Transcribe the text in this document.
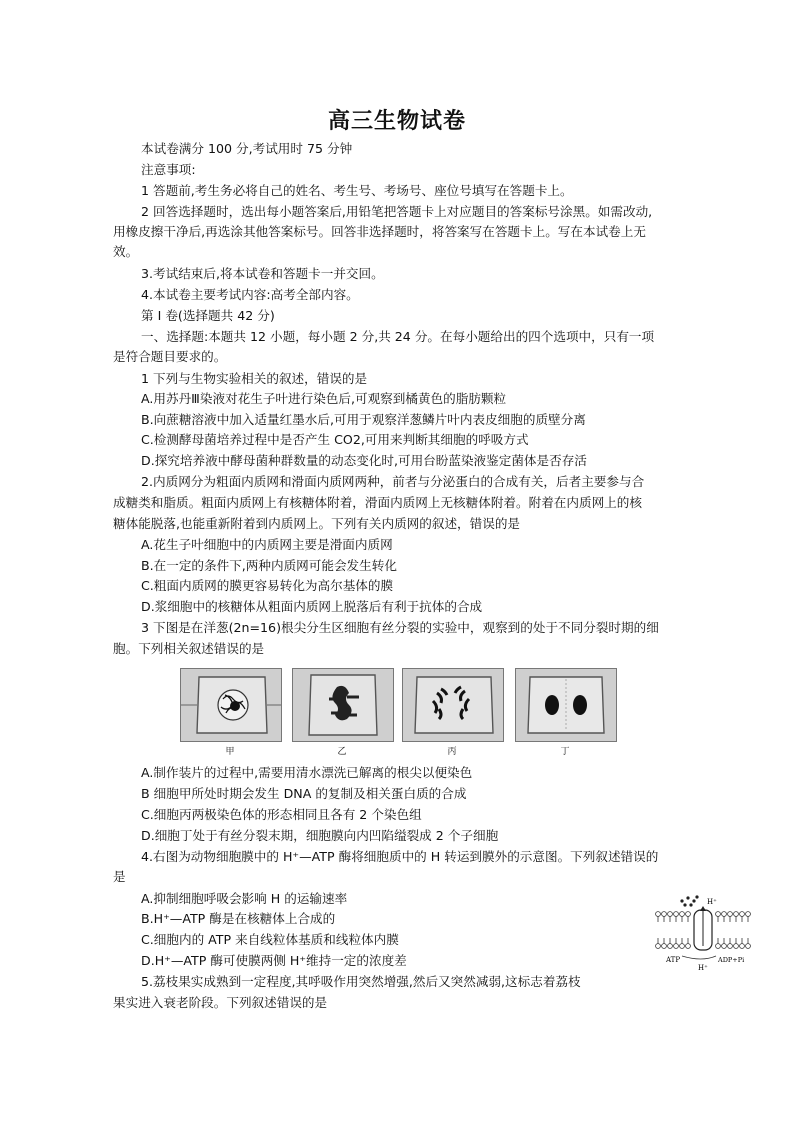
高三生物试卷
本试卷满分 100 分,考试用时 75 分钟
注意事项:
1 答题前,考生务必将自己的姓名、考生号、考场号、座位号填写在答题卡上。
2 回答选择题时，选出每小题答案后,用铅笔把答题卡上对应题目的答案标号涂黑。如需改动,
用橡皮擦干净后,再选涂其他答案标号。回答非选择题时，将答案写在答题卡上。写在本试卷上无
效。
3.考试结束后,将本试卷和答题卡一并交回。
4.本试卷主要考试内容:高考全部内容。
第 I 卷(选择题共 42 分)
一、选择题:本题共 12 小题，每小题 2 分,共 24 分。在每小题给出的四个选项中，只有一项
是符合题目要求的。
1 下列与生物实验相关的叙述，错误的是
A.用苏丹Ⅲ染液对花生子叶进行染色后,可观察到橘黄色的脂肪颗粒
B.向蔗糖溶液中加入适量红墨水后,可用于观察洋葱鳞片叶内表皮细胞的质壁分离
C.检测酵母菌培养过程中是否产生 CO2,可用来判断其细胞的呼吸方式
D.探究培养液中酵母菌种群数量的动态变化时,可用台盼蓝染液鉴定菌体是否存活
2.内质网分为粗面内质网和滑面内质网两种，前者与分泌蛋白的合成有关，后者主要参与合
成糖类和脂质。粗面内质网上有核糖体附着，滑面内质网上无核糖体附着。附着在内质网上的核
糖体能脱落,也能重新附着到内质网上。下列有关内质网的叙述，错误的是
A.花生子叶细胞中的内质网主要是滑面内质网
B.在一定的条件下,两种内质网可能会发生转化
C.粗面内质网的膜更容易转化为高尔基体的膜
D.浆细胞中的核糖体从粗面内质网上脱落后有利于抗体的合成
3 下图是在洋葱(2n=16)根尖分生区细胞有丝分裂的实验中，观察到的处于不同分裂时期的细
胞。下列相关叙述错误的是
甲	乙	丙	丁
A.制作装片的过程中,需要用清水漂洗已解离的根尖以便染色
B 细胞甲所处时期会发生 DNA 的复制及相关蛋白质的合成
C.细胞丙两极染色体的形态相同且各有 2 个染色组
D.细胞丁处于有丝分裂末期，细胞膜向内凹陷缢裂成 2 个子细胞
4.右图为动物细胞膜中的 H⁺—ATP 酶将细胞质中的 H 转运到膜外的示意图。下列叙述错误的
是
A.抑制细胞呼吸会影响 H 的运输速率
B.H⁺—ATP 酶是在核糖体上合成的
C.细胞内的 ATP 来自线粒体基质和线粒体内膜
D.H⁺—ATP 酶可使膜两侧 H⁺维持一定的浓度差
5.荔枝果实成熟到一定程度,其呼吸作用突然增强,然后又突然减弱,这标志着荔枝
果实进入衰老阶段。下列叙述错误的是
H⁺
ATP	ADP+Pi
H⁺
